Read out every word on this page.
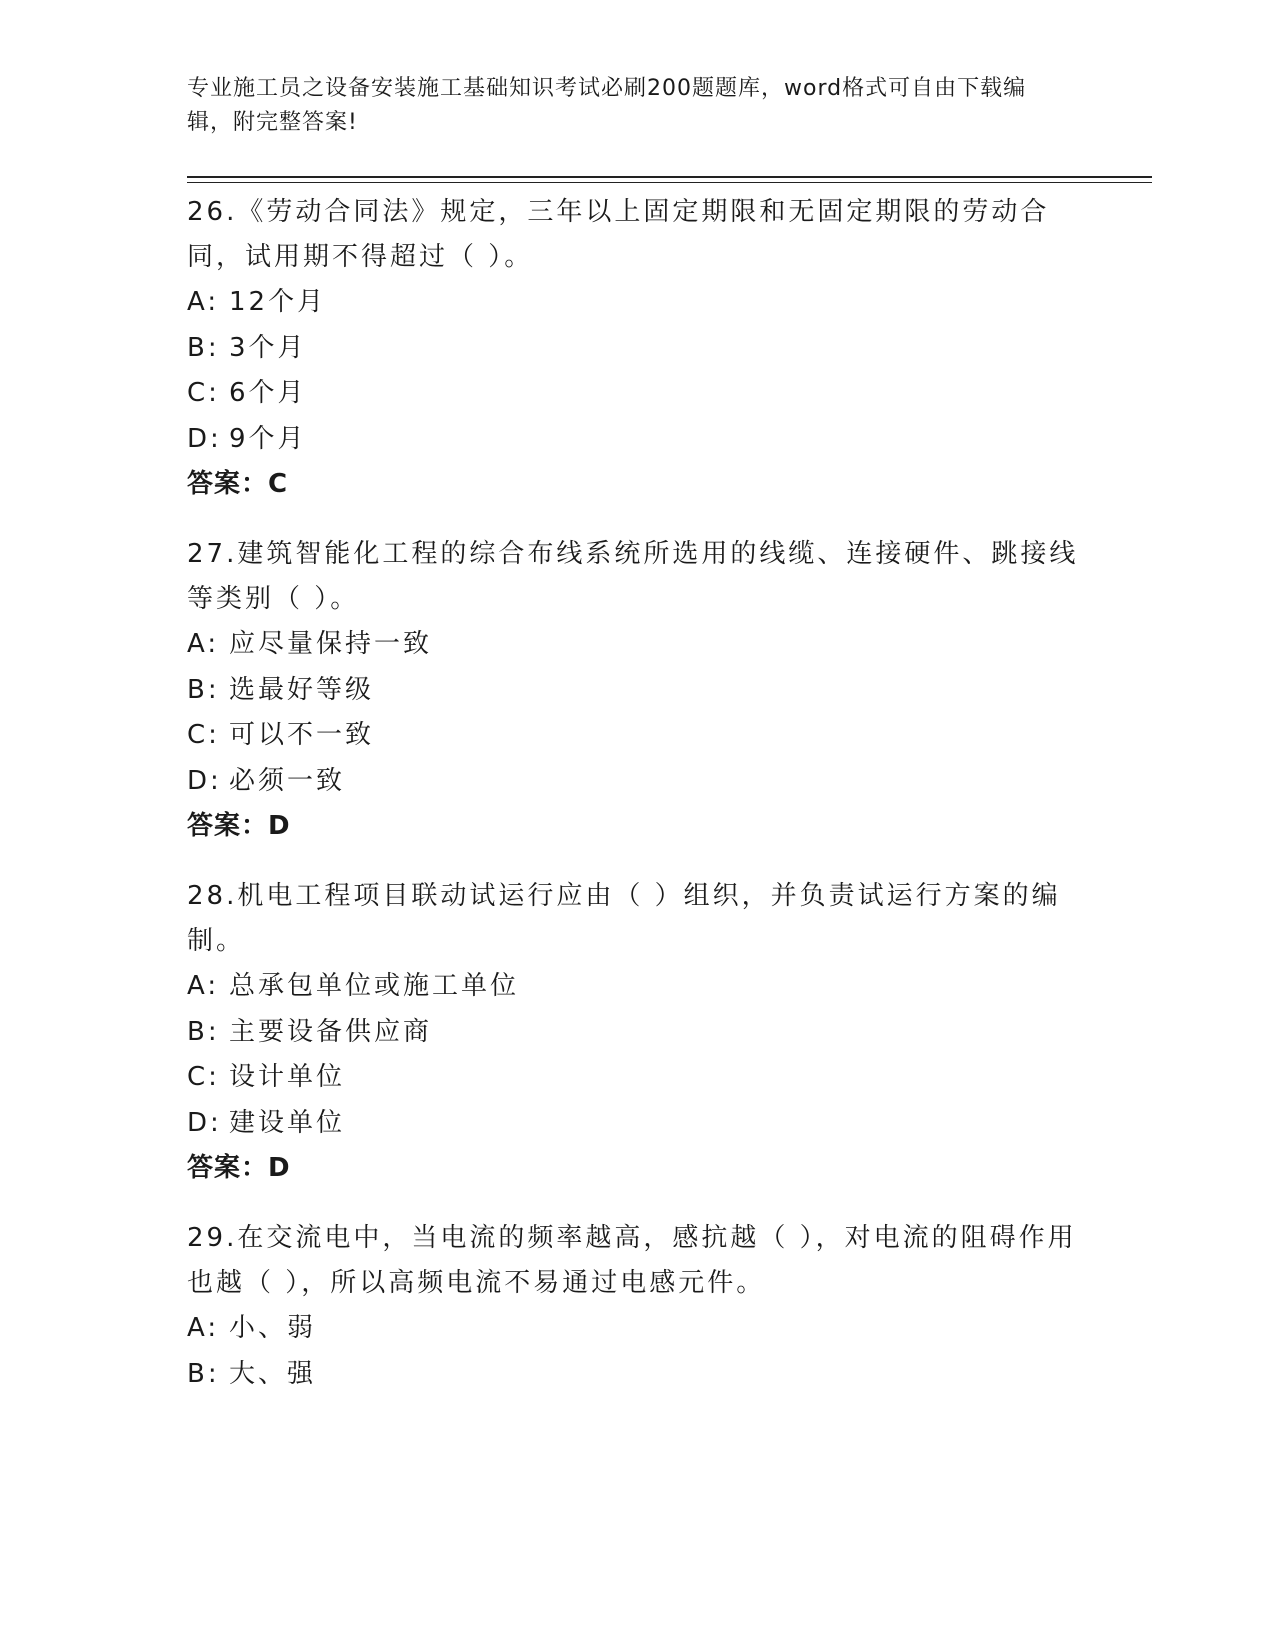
专业施工员之设备安装施工基础知识考试必刷200题题库，word格式可自由下载编辑，附完整答案!

26.《劳动合同法》规定，三年以上固定期限和无固定期限的劳动合同，试用期不得超过（ ）。

A: 12个月

B: 3个月

C: 6个月

D: 9个月

答案：C

27.建筑智能化工程的综合布线系统所选用的线缆、连接硬件、跳接线等类别（ ）。

A: 应尽量保持一致

B: 选最好等级

C: 可以不一致

D: 必须一致

答案：D

28.机电工程项目联动试运行应由（ ）组织，并负责试运行方案的编制。

A: 总承包单位或施工单位

B: 主要设备供应商

C: 设计单位

D: 建设单位

答案：D

29.在交流电中，当电流的频率越高，感抗越（ ），对电流的阻碍作用也越（ ），所以高频电流不易通过电感元件。

A: 小、弱

B: 大、强
